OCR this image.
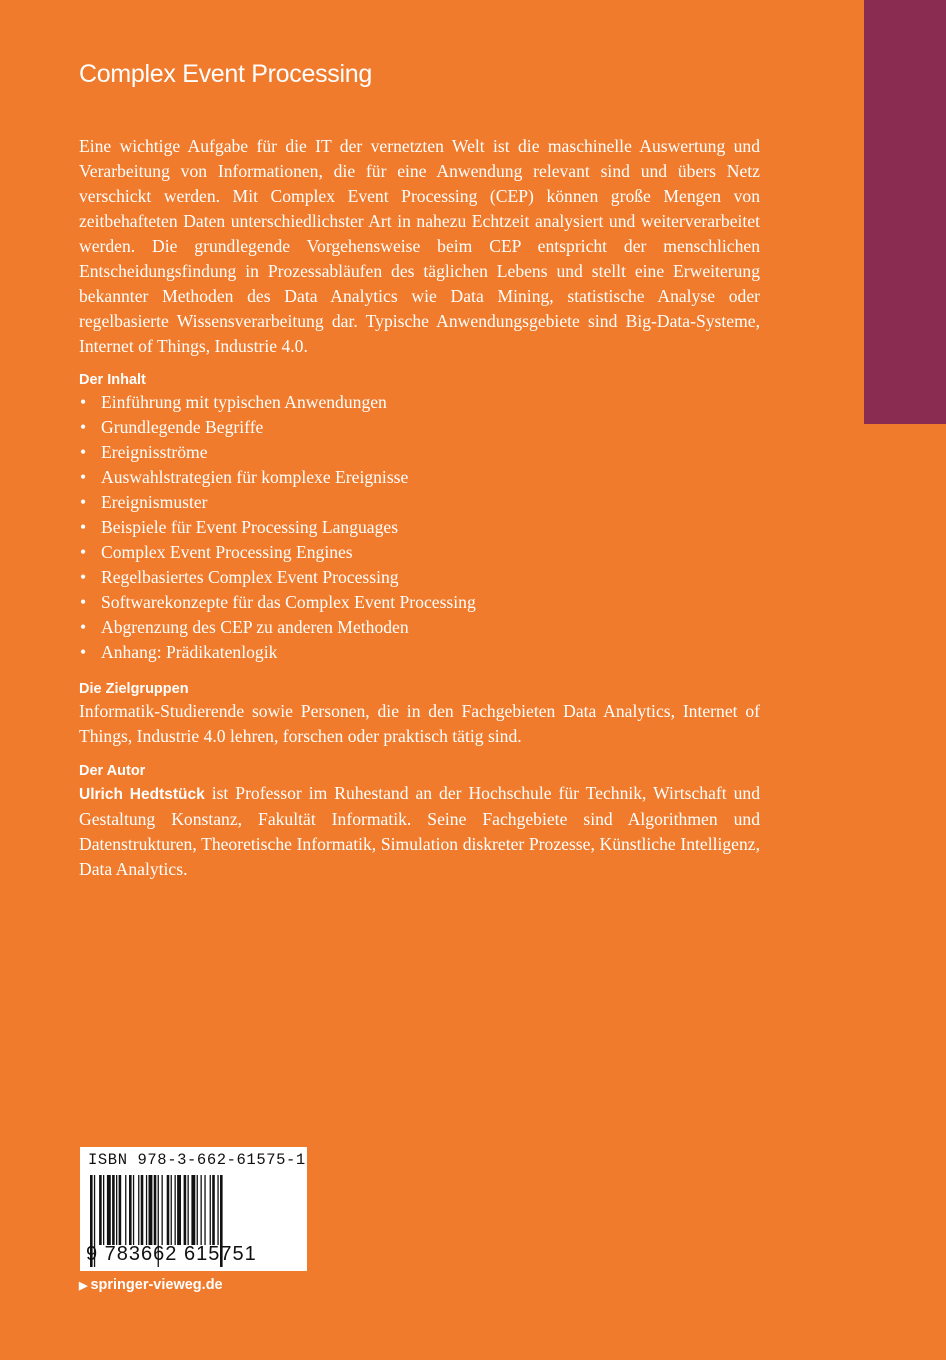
Complex Event Processing

Eine wichtige Aufgabe für die IT der vernetzten Welt ist die maschinelle Auswertung und Verarbeitung von Informationen, die für eine Anwendung relevant sind und übers Netz verschickt werden. Mit Complex Event Processing (CEP) können große Mengen von zeitbehafteten Daten unterschiedlichster Art in nahezu Echtzeit analysiert und weiterverarbeitet werden. Die grundlegende Vorgehensweise beim CEP entspricht der menschlichen Entscheidungsfindung in Prozessabläufen des täglichen Lebens und stellt eine Erweiterung bekannter Methoden des Data Analytics wie Data Mining, statistische Analyse oder regelbasierte Wissensverarbeitung dar. Typische Anwendungsgebiete sind Big-Data-Systeme, Internet of Things, Industrie 4.0.

Der Inhalt
• Einführung mit typischen Anwendungen
• Grundlegende Begriffe
• Ereignisströme
• Auswahlstrategien für komplexe Ereignisse
• Ereignismuster
• Beispiele für Event Processing Languages
• Complex Event Processing Engines
• Regelbasiertes Complex Event Processing
• Softwarekonzepte für das Complex Event Processing
• Abgrenzung des CEP zu anderen Methoden
• Anhang: Prädikatenlogik
Die Zielgruppen

Informatik-Studierende sowie Personen, die in den Fachgebieten Data Analytics, Internet of Things, Industrie 4.0 lehren, forschen oder praktisch tätig sind.

Der Autor

Ulrich Hedtstück ist Professor im Ruhestand an der Hochschule für Technik, Wirtschaft und Gestaltung Konstanz, Fakultät Informatik. Seine Fachgebiete sind Algorithmen und Datenstrukturen, Theoretische Informatik, Simulation diskreter Prozesse, Künstliche Intelligenz, Data Analytics.

ISBN 978-3-662-61575-1
9 783662 615751
▶ springer-vieweg.de
